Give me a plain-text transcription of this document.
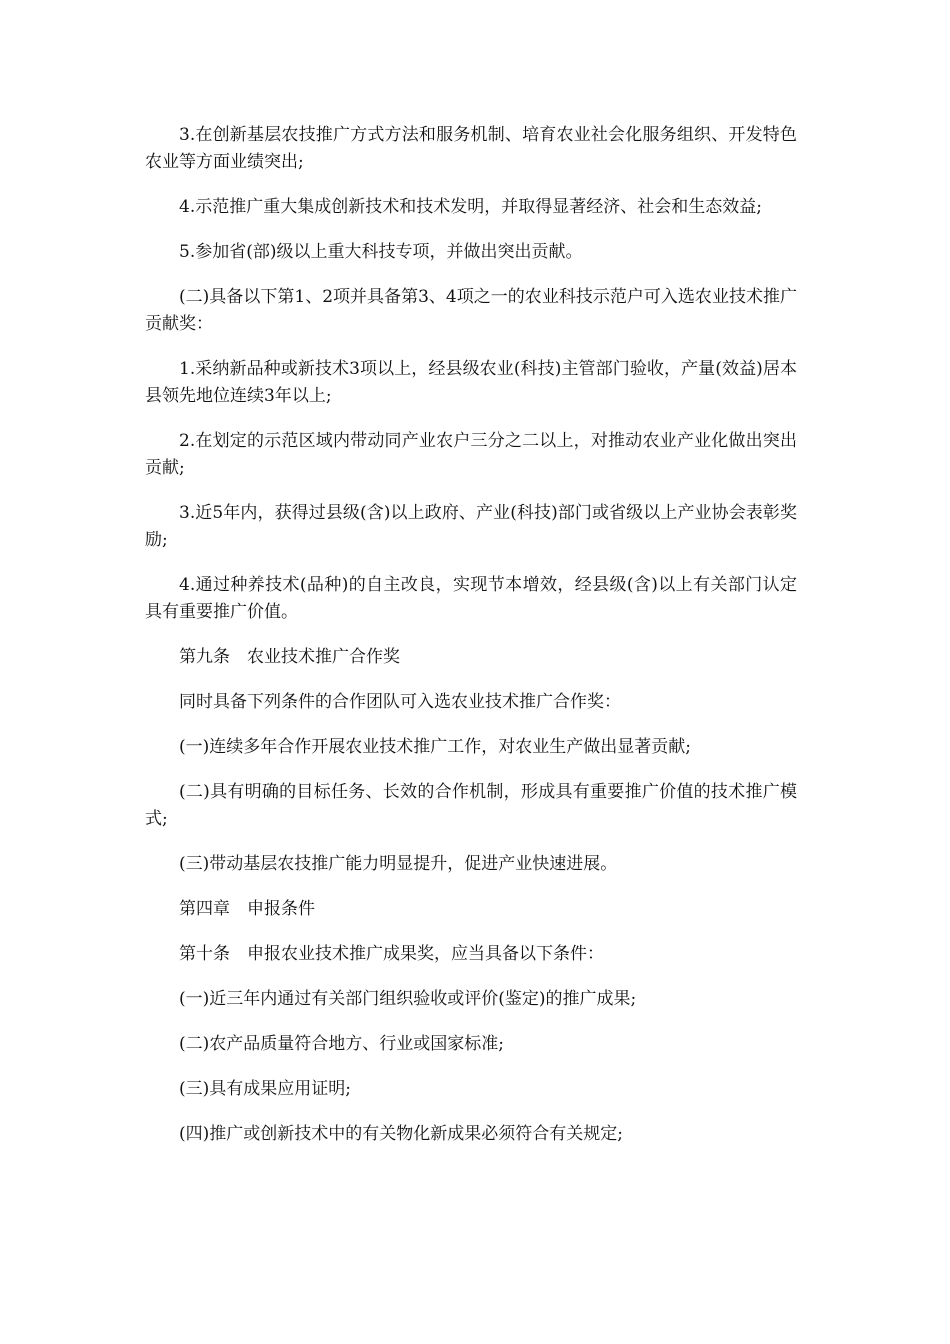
3.在创新基层农技推广方式方法和服务机制、培育农业社会化服务组织、开发特色农业等方面业绩突出;

4.示范推广重大集成创新技术和技术发明，并取得显著经济、社会和生态效益;

5.参加省(部)级以上重大科技专项，并做出突出贡献。

(二)具备以下第1、2项并具备第3、4项之一的农业科技示范户可入选农业技术推广贡献奖：

1.采纳新品种或新技术3项以上，经县级农业(科技)主管部门验收，产量(效益)居本县领先地位连续3年以上;

2.在划定的示范区域内带动同产业农户三分之二以上，对推动农业产业化做出突出贡献;

3.近5年内，获得过县级(含)以上政府、产业(科技)部门或省级以上产业协会表彰奖励;

4.通过种养技术(品种)的自主改良，实现节本增效，经县级(含)以上有关部门认定具有重要推广价值。

第九条　农业技术推广合作奖

同时具备下列条件的合作团队可入选农业技术推广合作奖：

(一)连续多年合作开展农业技术推广工作，对农业生产做出显著贡献;

(二)具有明确的目标任务、长效的合作机制，形成具有重要推广价值的技术推广模式;

(三)带动基层农技推广能力明显提升，促进产业快速进展。

第四章　申报条件

第十条　申报农业技术推广成果奖，应当具备以下条件：

(一)近三年内通过有关部门组织验收或评价(鉴定)的推广成果;

(二)农产品质量符合地方、行业或国家标准;

(三)具有成果应用证明;

(四)推广或创新技术中的有关物化新成果必须符合有关规定;
